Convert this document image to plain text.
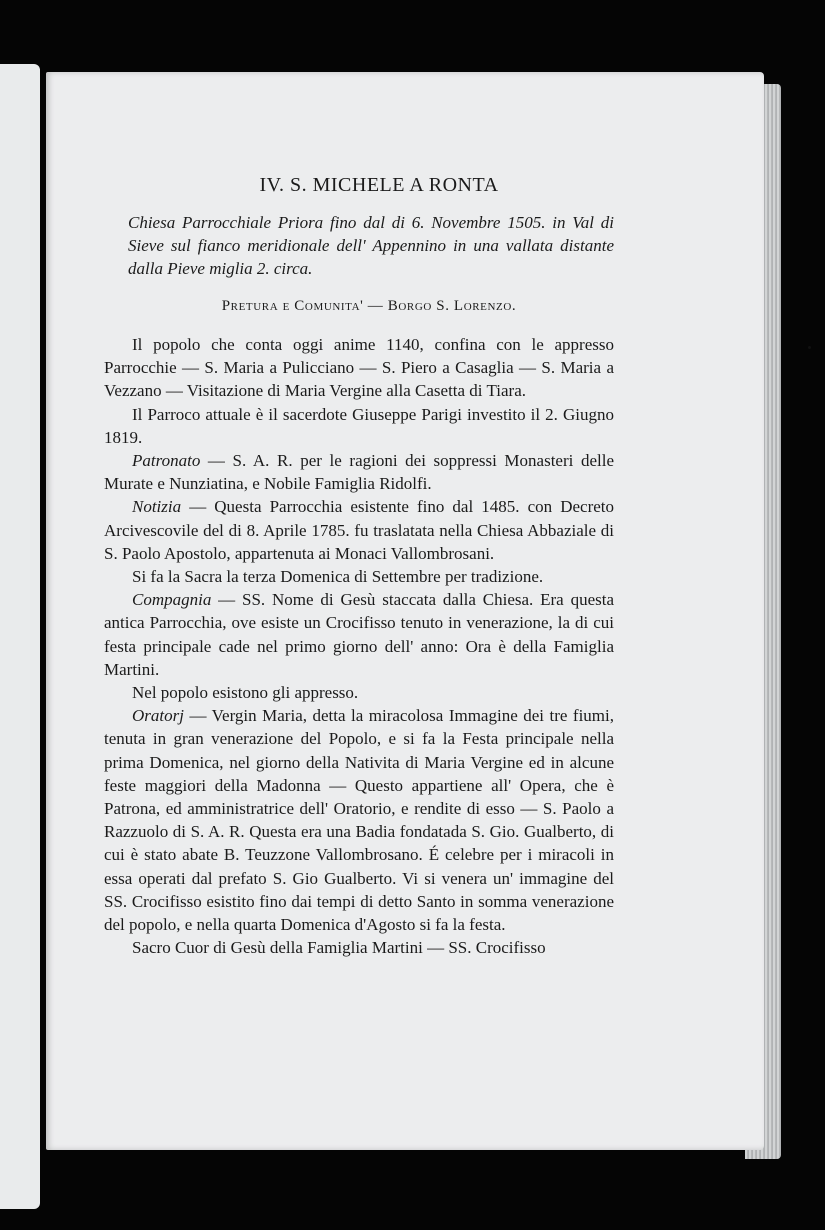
IV. S. MICHELE A RONTA
Chiesa Parrocchiale Priora fino dal di 6. Novembre 1505. in Val di Sieve sul fianco meridionale dell' Appennino in una vallata distante dalla Pieve miglia 2. circa.
Pretura e Comunita' — Borgo S. Lorenzo.

Il popolo che conta oggi anime 1140, confina con le appresso Parrocchie — S. Maria a Pulicciano — S. Piero a Casaglia — S. Maria a Vezzano — Visitazione di Maria Vergine alla Casetta di Tiara.

Il Parroco attuale è il sacerdote Giuseppe Parigi investito il 2. Giugno 1819.

Patronato — S. A. R. per le ragioni dei soppressi Monasteri delle Murate e Nunziatina, e Nobile Famiglia Ridolfi.

Notizia — Questa Parrocchia esistente fino dal 1485. con Decreto Arcivescovile del di 8. Aprile 1785. fu traslatata nella Chiesa Abbaziale di S. Paolo Apostolo, appartenuta ai Monaci Vallombrosani.

Si fa la Sacra la terza Domenica di Settembre per tradizione.

Compagnia — SS. Nome di Gesù staccata dalla Chiesa. Era questa antica Parrocchia, ove esiste un Crocifisso tenuto in venerazione, la di cui festa principale cade nel primo giorno dell' anno: Ora è della Famiglia Martini.

Nel popolo esistono gli appresso.

Oratorj — Vergin Maria, detta la miracolosa Immagine dei tre fiumi, tenuta in gran venerazione del Popolo, e si fa la Festa principale nella prima Domenica, nel giorno della Nativita di Maria Vergine ed in alcune feste maggiori della Madonna — Questo appartiene all' Opera, che è Patrona, ed amministratrice dell' Oratorio, e rendite di esso — S. Paolo a Razzuolo di S. A. R. Questa era una Badia fondatada S. Gio. Gualberto, di cui è stato abate B. Teuzzone Vallombrosano. É celebre per i miracoli in essa operati dal prefato S. Gio Gualberto. Vi si venera un' immagine del SS. Crocifisso esistito fino dai tempi di detto Santo in somma venerazione del popolo, e nella quarta Domenica d'Agosto si fa la festa.

Sacro Cuor di Gesù della Famiglia Martini — SS. Crocifisso
